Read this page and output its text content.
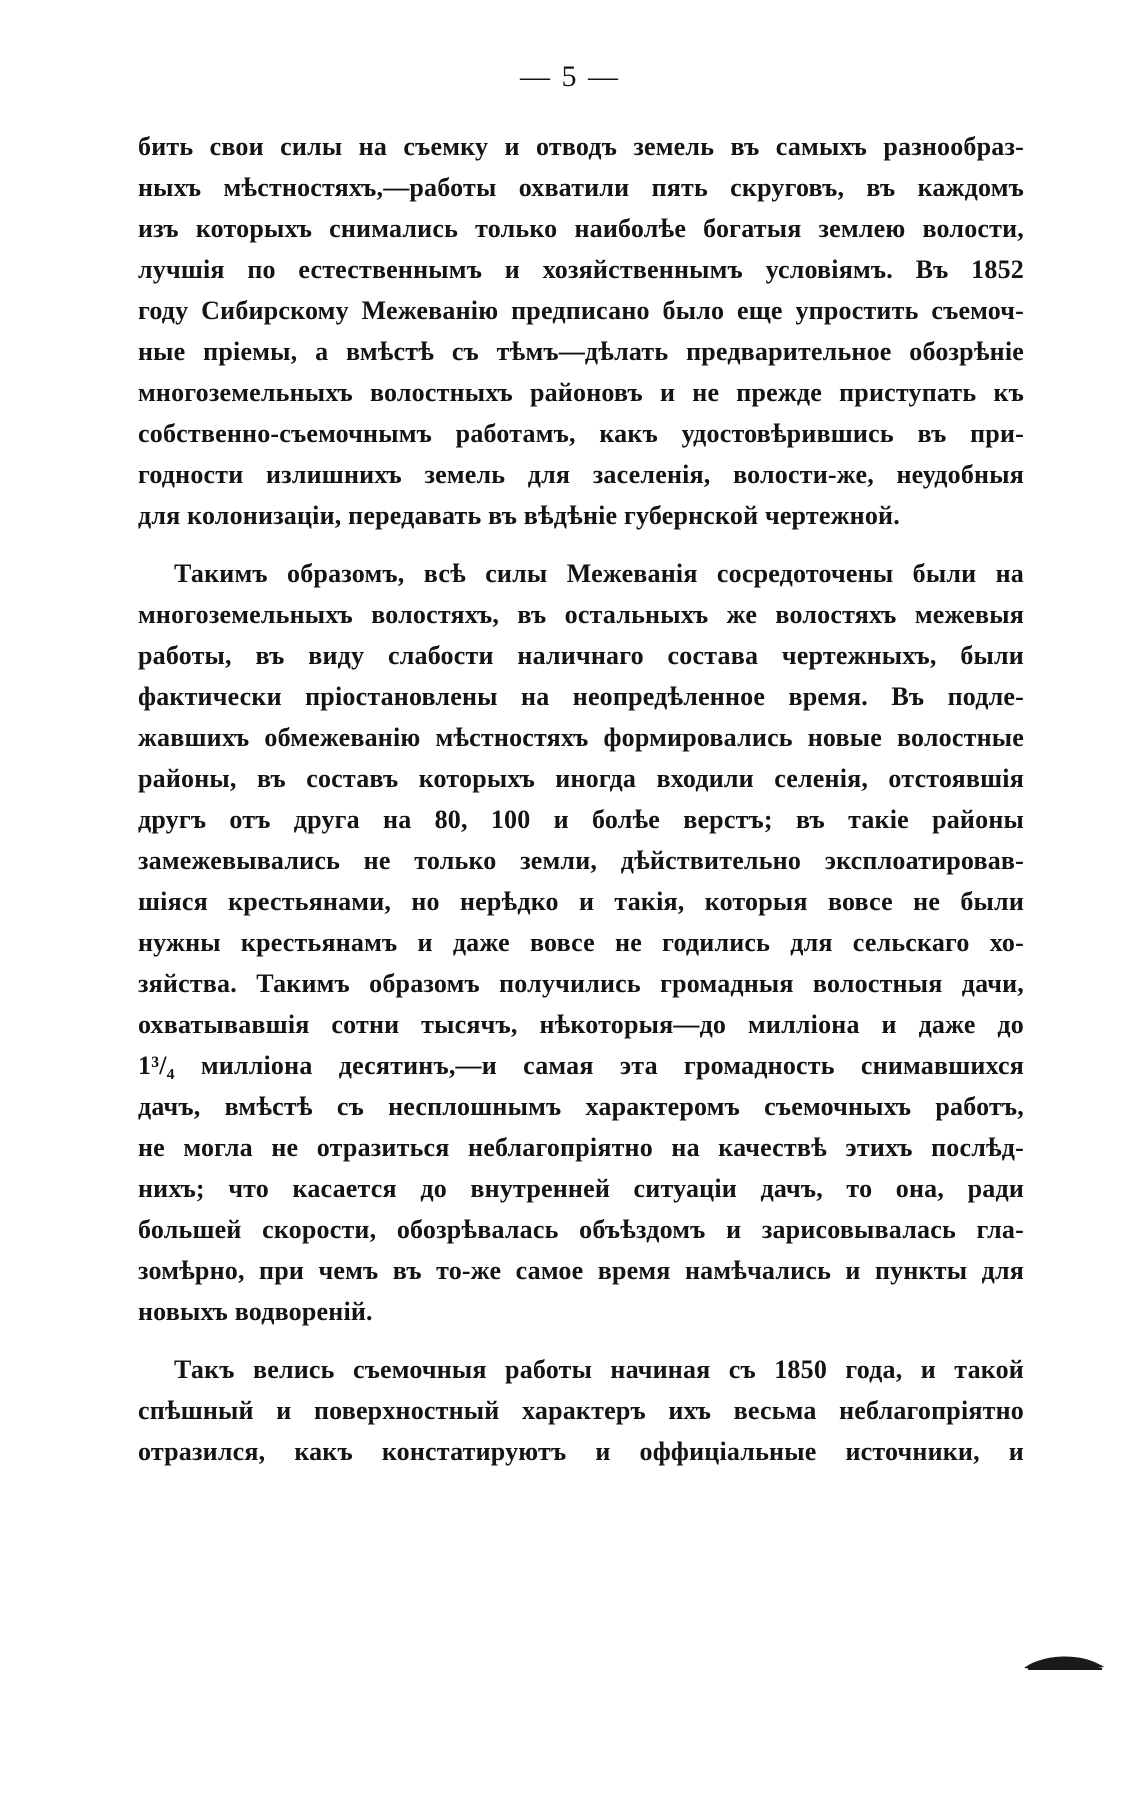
— 5 —
бить свои силы на съемку и отводъ земель въ самыхъ разнообраз-
ныхъ мѣстностяхъ,—работы охватили пять скруговъ, въ каждомъ
изъ которыхъ снимались только наиболѣе богатыя землею волости,
лучшія по естественнымъ и хозяйственнымъ условіямъ. Въ 1852
году Сибирскому Межеванію предписано было еще упростить съемоч-
ные пріемы, а вмѣстѣ съ тѣмъ—дѣлать предварительное обозрѣніе
многоземельныхъ волостныхъ районовъ и не прежде приступать къ
собственно-съемочнымъ работамъ, какъ удостовѣрившись въ при-
годности излишнихъ земель для заселенія, волости-же, неудобныя
для колонизаціи, передавать въ вѣдѣніе губернской чертежной.
Такимъ образомъ, всѣ силы Межеванія сосредоточены были на
многоземельныхъ волостяхъ, въ остальныхъ же волостяхъ межевыя
работы, въ виду слабости наличнаго состава чертежныхъ, были
фактически пріостановлены на неопредѣленное время. Въ подле-
жавшихъ обмежеванію мѣстностяхъ формировались новые волостные
районы, въ составъ которыхъ иногда входили селенія, отстоявшія
другъ отъ друга на 80, 100 и болѣе верстъ; въ такіе районы
замежевывались не только земли, дѣйствительно эксплоатировав-
шіяся крестьянами, но нерѣдко и такія, которыя вовсе не были
нужны крестьянамъ и даже вовсе не годились для сельскаго хо-
зяйства. Такимъ образомъ получились громадныя волостныя дачи,
охватывавшія сотни тысячъ, нѣкоторыя—до милліона и даже до
1³/₄ милліона десятинъ,—и самая эта громадность снимавшихся
дачъ, вмѣстѣ съ несплошнымъ характеромъ съемочныхъ работъ,
не могла не отразиться неблагопріятно на качествѣ этихъ послѣд-
нихъ; что касается до внутренней ситуаціи дачъ, то она, ради
большей скорости, обозрѣвалась объѣздомъ и зарисовывалась гла-
зомѣрно, при чемъ въ то-же самое время намѣчались и пункты для
новыхъ водвореній.
Такъ велись съемочныя работы начиная съ 1850 года, и такой
спѣшный и поверхностный характеръ ихъ весьма неблагопріятно
отразился, какъ констатируютъ и оффиціальные источники, и
